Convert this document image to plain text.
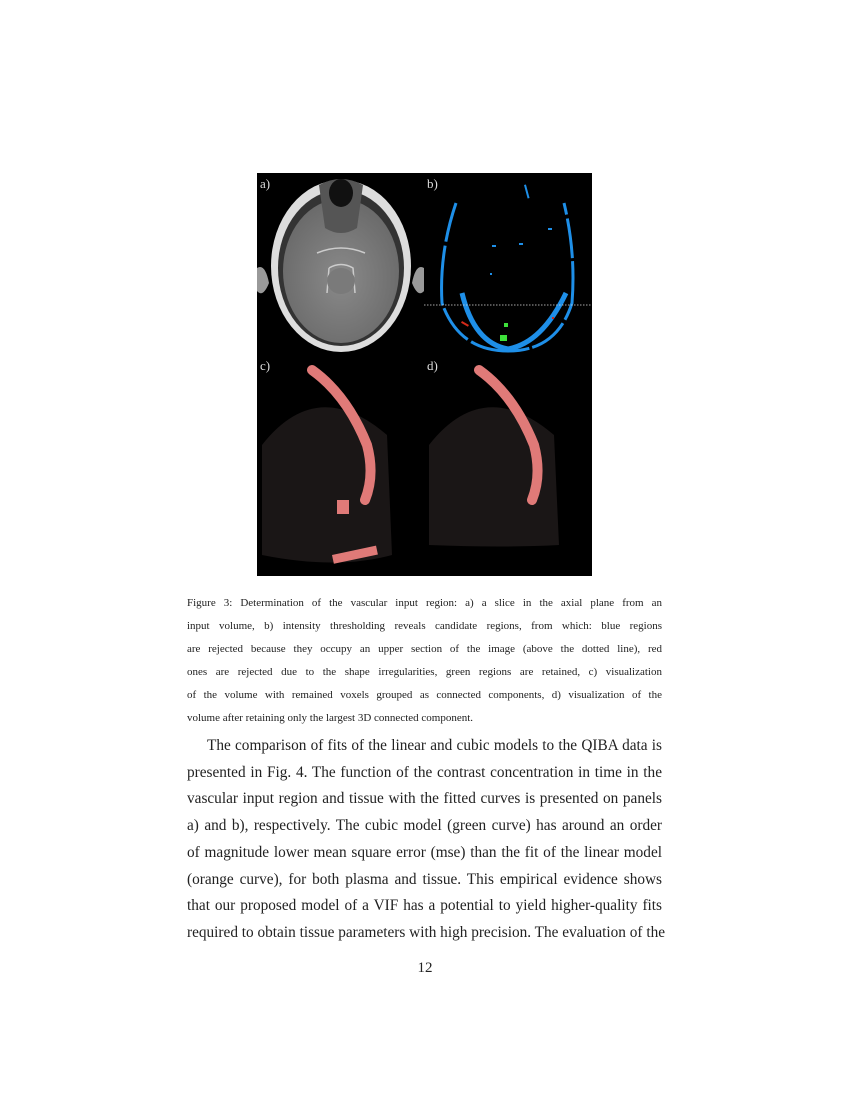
a)	b)
c)	d)
Figure 3: Determination of the vascular input region: a) a slice in the axial plane from an
input volume, b) intensity thresholding reveals candidate regions, from which: blue regions
are rejected because they occupy an upper section of the image (above the dotted line), red
ones are rejected due to the shape irregularities, green regions are retained, c) visualization
of the volume with remained voxels grouped as connected components, d) visualization of the
volume after retaining only the largest 3D connected component.
The comparison of fits of the linear and cubic models to the QIBA data is
presented in Fig. 4. The function of the contrast concentration in time in the
vascular input region and tissue with the fitted curves is presented on panels
a) and b), respectively. The cubic model (green curve) has around an order
of magnitude lower mean square error (mse) than the fit of the linear model
(orange curve), for both plasma and tissue. This empirical evidence shows
that our proposed model of a VIF has a potential to yield higher-quality fits
required to obtain tissue parameters with high precision. The evaluation of the
12
